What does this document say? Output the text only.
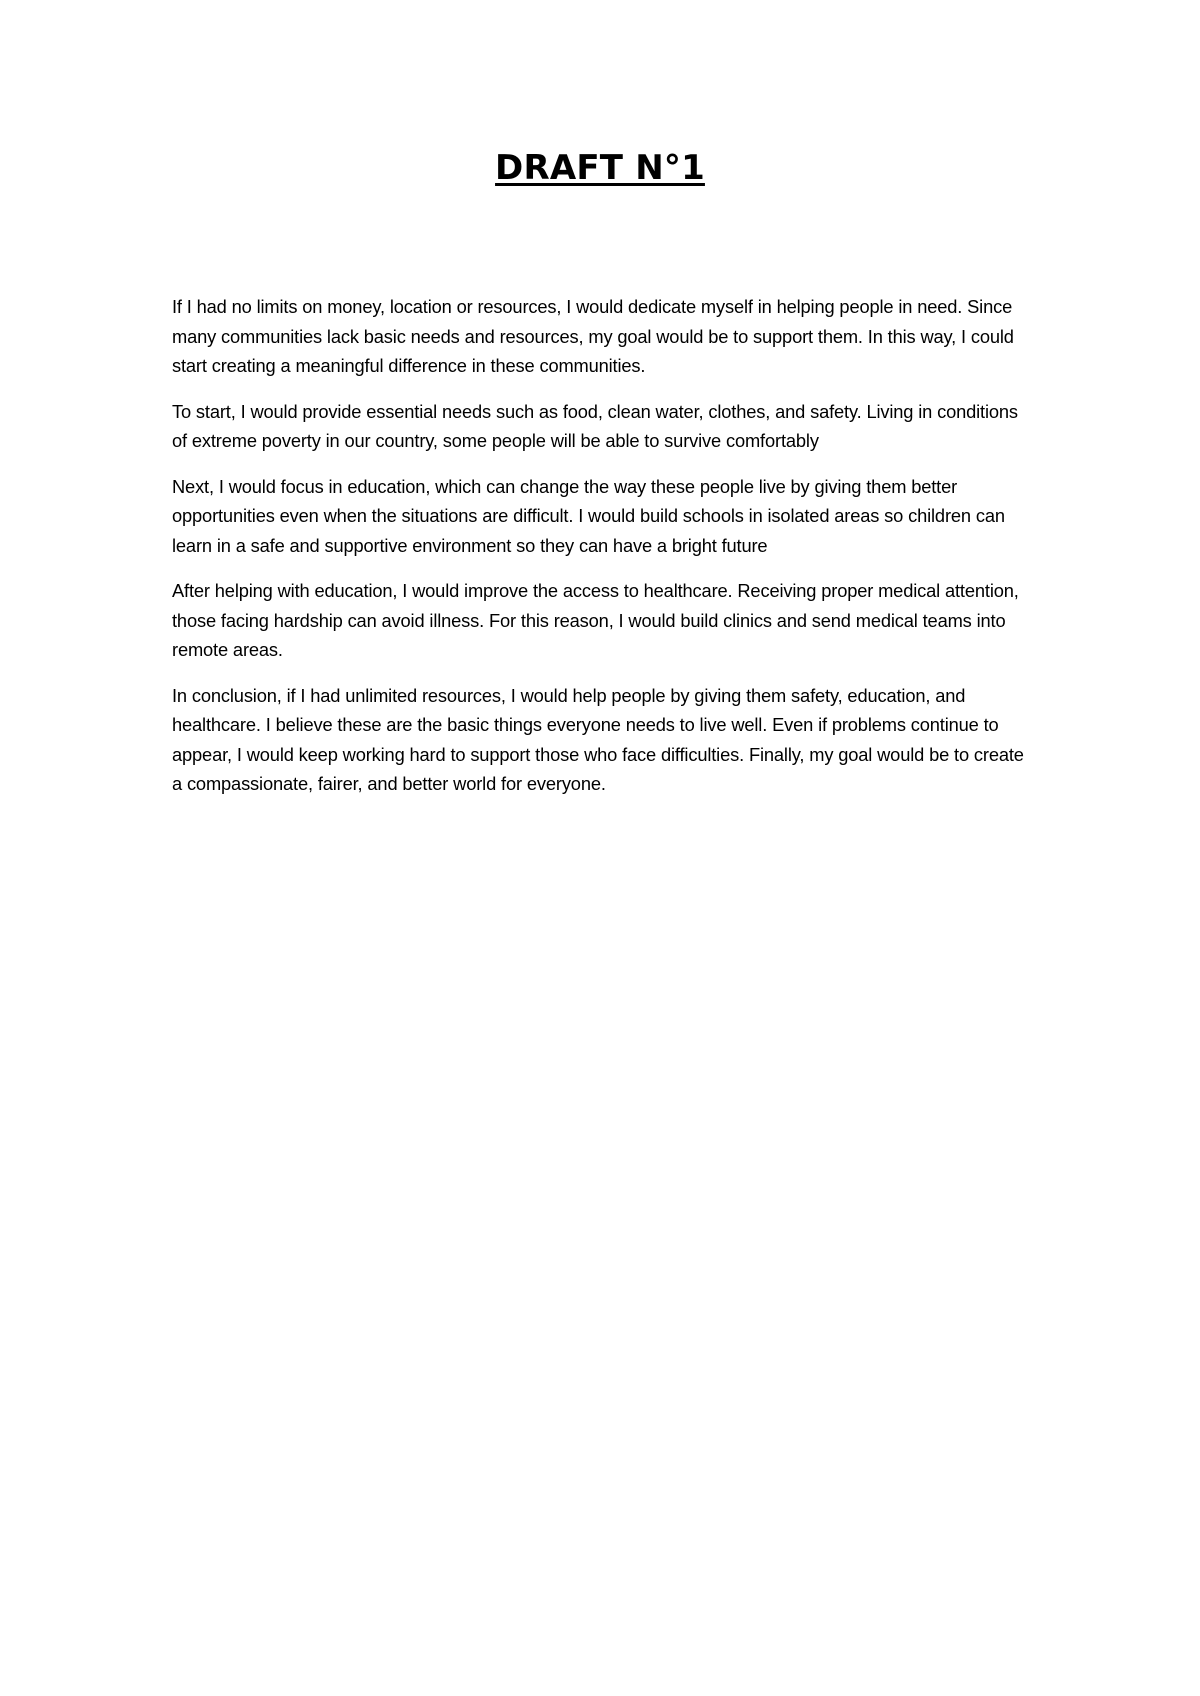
DRAFT N°1

If I had no limits on money, location or resources, I would dedicate myself in helping people in need. Since many communities lack basic needs and resources, my goal would be to support them. In this way, I could start creating a meaningful difference in these communities.

To start, I would provide essential needs such as food, clean water, clothes, and safety. Living in conditions of extreme poverty in our country, some people will be able to survive comfortably

Next, I would focus in education, which can change the way these people live by giving them better opportunities even when the situations are difficult. I would build schools in isolated areas so children can learn in a safe and supportive environment so they can have a bright future

After helping with education, I would improve the access to healthcare. Receiving proper medical attention, those facing hardship can avoid illness. For this reason, I would build clinics and send medical teams into remote areas.

In conclusion, if I had unlimited resources, I would help people by giving them safety, education, and healthcare. I believe these are the basic things everyone needs to live well. Even if problems continue to appear, I would keep working hard to support those who face difficulties. Finally, my goal would be to create a compassionate, fairer, and better world for everyone.
